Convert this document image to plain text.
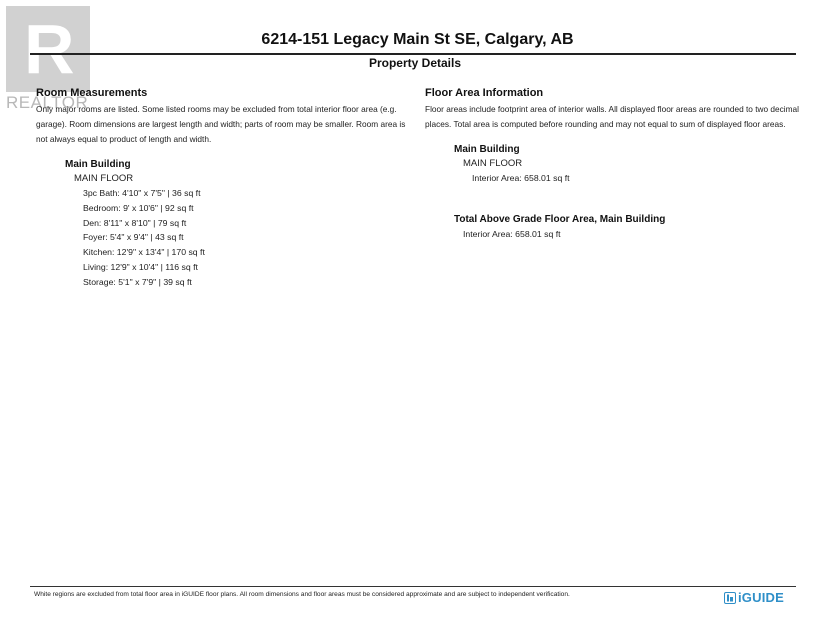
R
REALTOR
6214-151 Legacy Main St SE, Calgary, AB
Property Details
Room Measurements

Only major rooms are listed. Some listed rooms may be excluded from total interior floor area (e.g. garage). Room dimensions are largest length and width; parts of room may be smaller. Room area is not always equal to product of length and width.

Main Building
MAIN FLOOR
3pc Bath: 4'10" x 7'5" | 36 sq ft
Bedroom: 9' x 10'6" | 92 sq ft
Den: 8'11" x 8'10" | 79 sq ft
Foyer: 5'4" x 9'4" | 43 sq ft
Kitchen: 12'9" x 13'4" | 170 sq ft
Living: 12'9" x 10'4" | 116 sq ft
Storage: 5'1" x 7'9" | 39 sq ft
Floor Area Information

Floor areas include footprint area of interior walls. All displayed floor areas are rounded to two decimal places. Total area is computed before rounding and may not equal to sum of displayed floor areas.

Main Building
MAIN FLOOR
Interior Area: 658.01 sq ft
Total Above Grade Floor Area, Main Building
Interior Area: 658.01 sq ft
White regions are excluded from total floor area in iGUIDE floor plans. All room dimensions and floor areas must be considered approximate and are subject to independent verification.	iGUIDE
